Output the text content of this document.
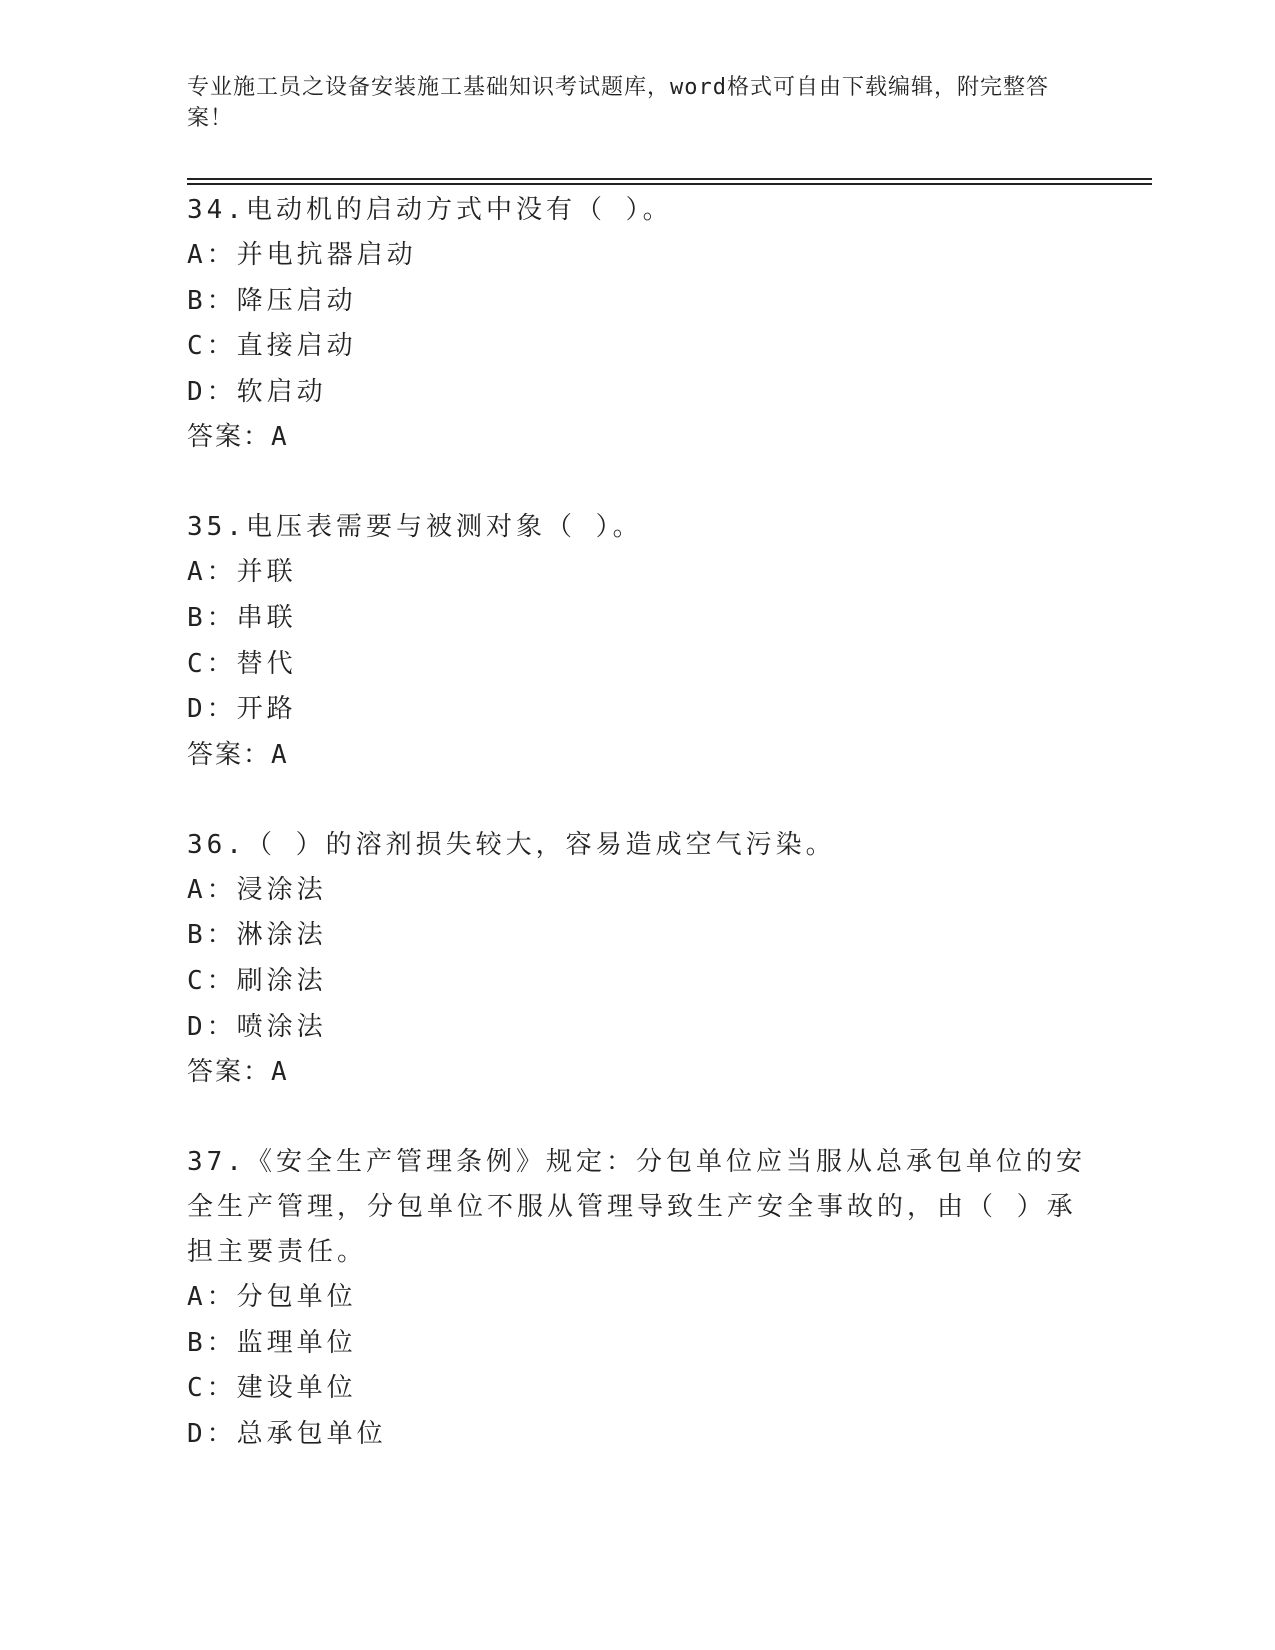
专业施工员之设备安装施工基础知识考试题库，word格式可自由下载编辑，附完整答案！
34.电动机的启动方式中没有（ ）。
A：并电抗器启动
B：降压启动
C：直接启动
D：软启动
答案：A
35.电压表需要与被测对象（ ）。
A：并联
B：串联
C：替代
D：开路
答案：A
36.（ ）的溶剂损失较大，容易造成空气污染。
A：浸涂法
B：淋涂法
C：刷涂法
D：喷涂法
答案：A
37.《安全生产管理条例》规定：分包单位应当服从总承包单位的安全生产管理，分包单位不服从管理导致生产安全事故的，由（ ）承担主要责任。
A：分包单位
B：监理单位
C：建设单位
D：总承包单位
